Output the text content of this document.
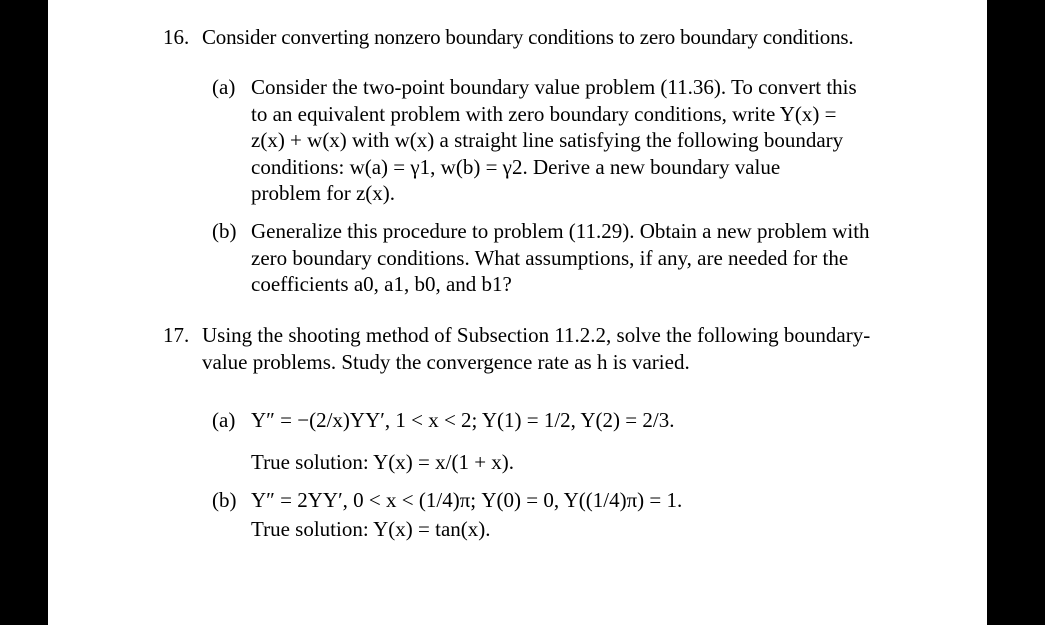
16. Consider converting nonzero boundary conditions to zero boundary conditions.
(a) Consider the two-point boundary value problem (11.36). To convert this
to an equivalent problem with zero boundary conditions, write Y(x) =
z(x) + w(x) with w(x) a straight line satisfying the following boundary
conditions: w(a) = γ1, w(b) = γ2. Derive a new boundary value
problem for z(x).
(b) Generalize this procedure to problem (11.29). Obtain a new problem with
zero boundary conditions. What assumptions, if any, are needed for the
coefficients a0, a1, b0, and b1?
17. Using the shooting method of Subsection 11.2.2, solve the following boundary-
value problems. Study the convergence rate as h is varied.
(a) Y″ = −(2/x)YY′, 1 < x < 2; Y(1) = 1/2, Y(2) = 2/3.
True solution: Y(x) = x/(1 + x).
(b) Y″ = 2YY′, 0 < x < (1/4)π; Y(0) = 0, Y((1/4)π) = 1.
True solution: Y(x) = tan(x).
